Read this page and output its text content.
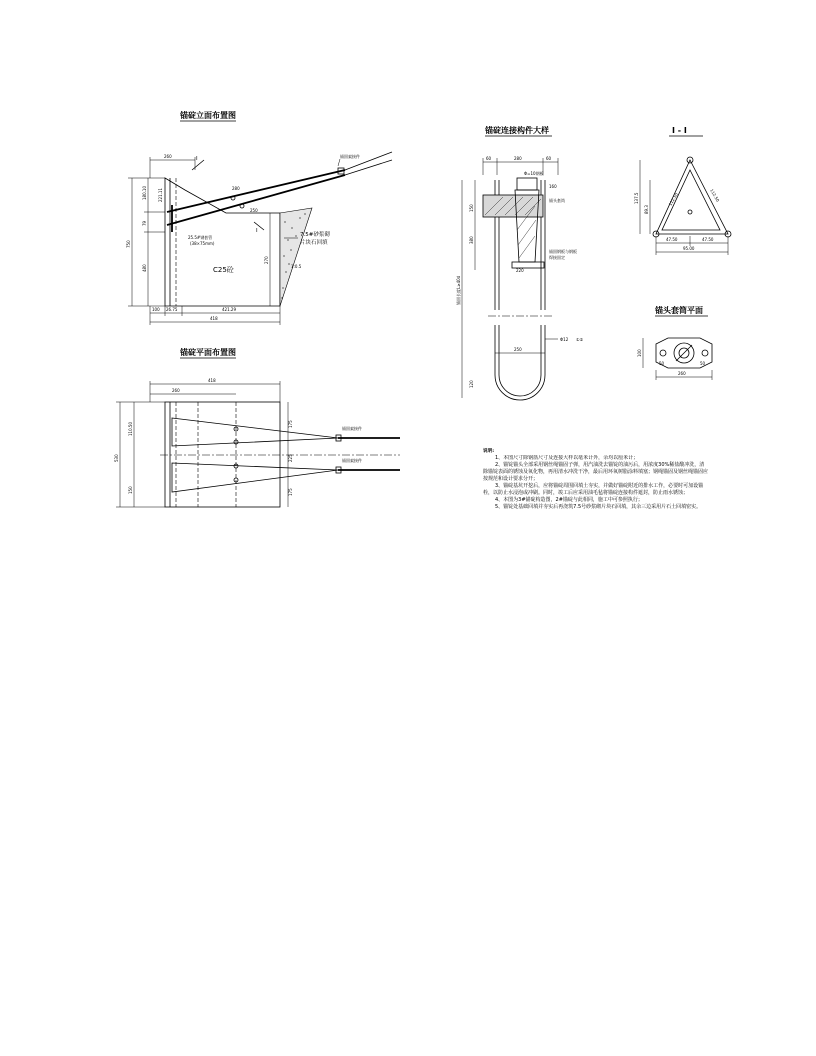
锚碇立面布置图
锚固索接件
Ⅰ
Ⅰ
C25砼
7.5#砂浆砌
片块石回填
25.5#钢套管
(38×75mm)
1:0.5
260
180.10
79
480
750
270
221.11
250
280
100 26.75	421.29
418
锚碇平面布置图
锚固索接件
锚固索接件
418
260
175
225
175
530
110.50
150
锚碇连接构件大样
60	280	60
160
锚头套筒
锚固钢板与钢板
焊接固定
Φ=10钢板
220
锚固长度L≥40d
150
380
250
Φ12 ①②
120
Ⅰ - Ⅰ
137.5
89.3
112.50	112.50
47.50	47.50
95.00
锚头套筒平面
100
260
50	50
说明:
1、本图尺寸除钢筋尺寸及连接大样以毫米计外，余均以厘米计；
2、锚锭锚头全部采用钢丝绳锚固子弹，用汽油洗去锚锭的油污后，用浓度30%稀盐酸冲洗，清除锚锭表面的锈蚀及氧化物，再用清水冲洗干净，最后用环氧树脂涂料填塞；钢绳锚固及钢丝绳锚固应按规范和设计要求分开；
3、锚碇基坑开挖后，应将锚碇周围回填土夯实，并做好锚碇附近的排水工作，必要时可加设锚栓，以防止水浸泡或冲刷。同时，竣工后应采用油毛毡将锚碇连接构件遮封，防止雨水锈蚀；
4、本图为3#锚碇构造图，2#锚碇与此相同，施工中可参照执行；
5、锚锭处基础回填并夯实后再浇筑7.5号砂浆砌片块石回填，其余三边采用片石土回填密实。
